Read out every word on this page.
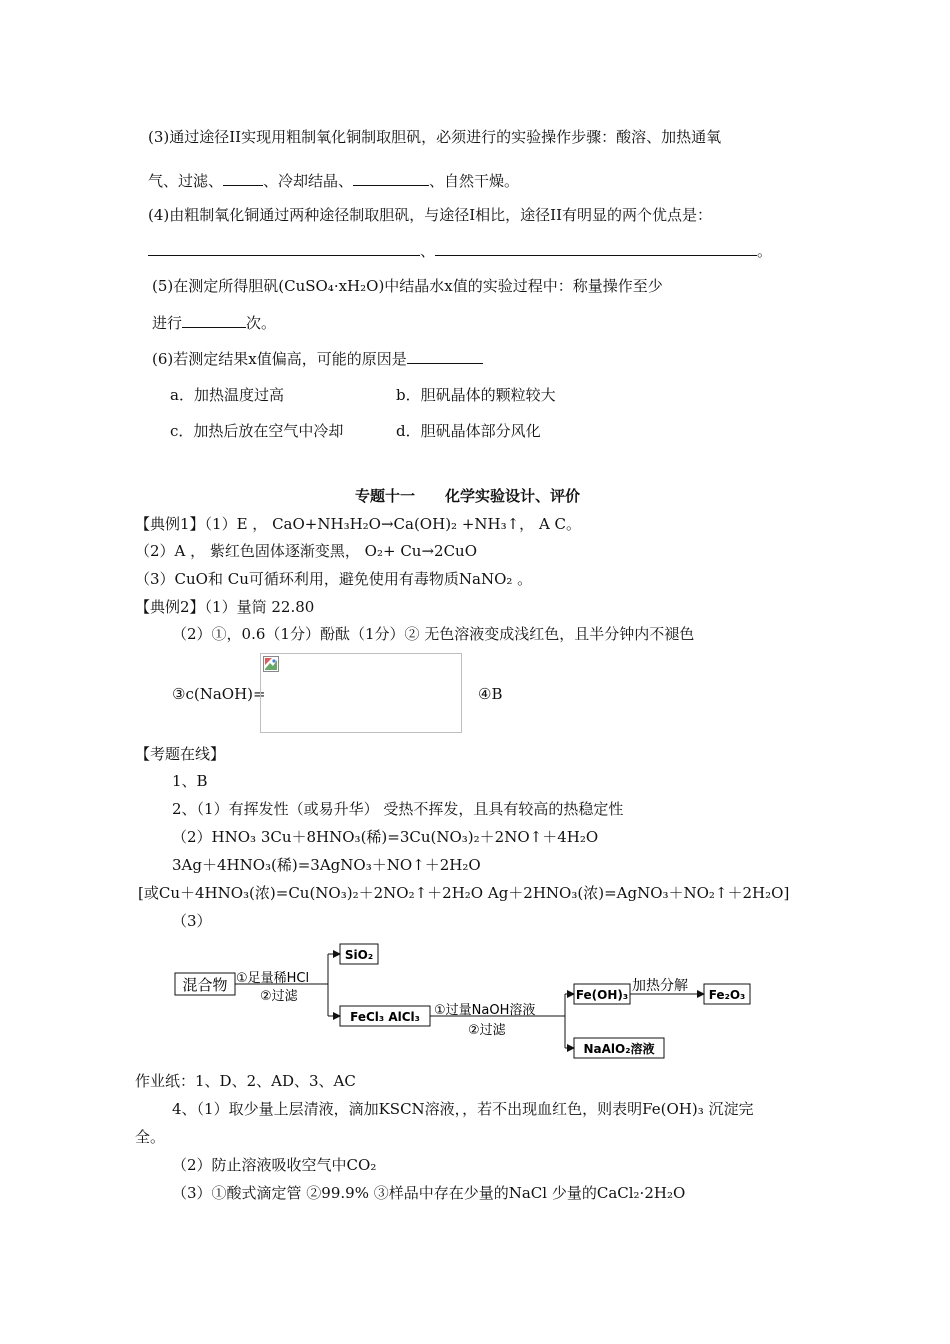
(3)通过途径II实现用粗制氧化铜制取胆矾，必须进行的实验操作步骤：酸溶、加热通氧
气、过滤、	、冷却结晶、	、自然干燥。
(4)由粗制氧化铜通过两种途径制取胆矾，与途径I相比，途径II有明显的两个优点是：
、	。
(5)在测定所得胆矾(CuSO₄·xH₂O)中结晶水x值的实验过程中：称量操作至少
进行	次。
(6)若测定结果x值偏高，可能的原因是
a．加热温度过高	b．胆矾晶体的颗粒较大
c．加热后放在空气中冷却	d．胆矾晶体部分风化
专题十一　　化学实验设计、评价
【典例1】（1）E ， CaO+NH₃H₂O→Ca(OH)₂ +NH₃↑， A C。
（2）A ， 紫红色固体逐渐变黑， O₂+ Cu→2CuO
（3）CuO和 Cu可循环利用，避免使用有毒物质NaNO₂ 。
【典例2】（1）量筒 22.80
（2）①，0.6（1分）酚酞（1分）② 无色溶液变成浅红色，且半分钟内不褪色
③c(NaOH)=	④B
【考题在线】
1、B
2、（1）有挥发性（或易升华） 受热不挥发，且具有较高的热稳定性
（2）HNO₃ 3Cu＋8HNO₃(稀)=3Cu(NO₃)₂＋2NO↑＋4H₂O
3Ag＋4HNO₃(稀)=3AgNO₃＋NO↑＋2H₂O
[或Cu＋4HNO₃(浓)=Cu(NO₃)₂＋2NO₂↑＋2H₂O Ag＋2HNO₃(浓)=AgNO₃＋NO₂↑＋2H₂O]
（3）
混合物 ①足量稀HCl
②过滤
SiO₂
FeCl₃ AlCl₃ ①过量NaOH溶液
②过滤
Fe(OH)₃
加热分解
Fe₂O₃
NaAlO₂溶液
作业纸：1、D、2、AD、3、AC
4、（1）取少量上层清液，滴加KSCN溶液，，若不出现血红色，则表明Fe(OH)₃ 沉淀完
全。
（2）防止溶液吸收空气中CO₂
（3）①酸式滴定管 ②99.9% ③样品中存在少量的NaCl 少量的CaCl₂·2H₂O
